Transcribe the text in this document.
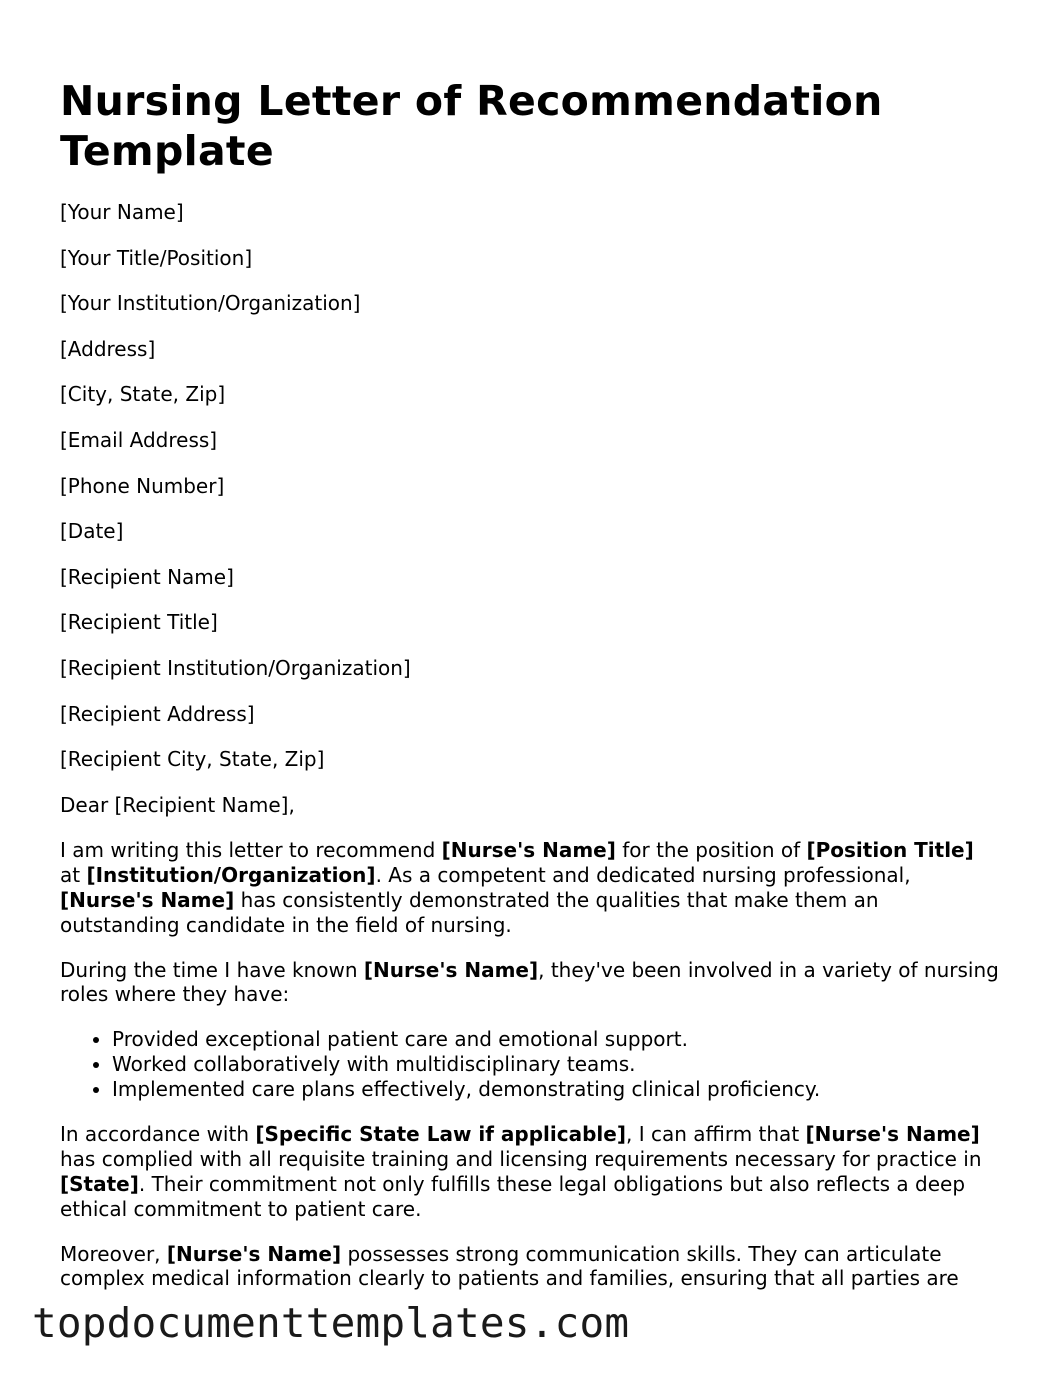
Nursing Letter of Recommendation Template

[Your Name]

[Your Title/Position]

[Your Institution/Organization]

[Address]

[City, State, Zip]

[Email Address]

[Phone Number]

[Date]

[Recipient Name]

[Recipient Title]

[Recipient Institution/Organization]

[Recipient Address]

[Recipient City, State, Zip]

Dear [Recipient Name],

I am writing this letter to recommend [Nurse's Name] for the position of [Position Title] at [Institution/Organization]. As a competent and dedicated nursing professional, [Nurse's Name] has consistently demonstrated the qualities that make them an outstanding candidate in the field of nursing.

During the time I have known [Nurse's Name], they've been involved in a variety of nursing roles where they have:

• Provided exceptional patient care and emotional support.
• Worked collaboratively with multidisciplinary teams.
• Implemented care plans effectively, demonstrating clinical proficiency.

In accordance with [Specific State Law if applicable], I can affirm that [Nurse's Name] has complied with all requisite training and licensing requirements necessary for practice in [State]. Their commitment not only fulfills these legal obligations but also reflects a deep ethical commitment to patient care.

Moreover, [Nurse's Name] possesses strong communication skills. They can articulate complex medical information clearly to patients and families, ensuring that all parties are

topdocumenttemplates.com
